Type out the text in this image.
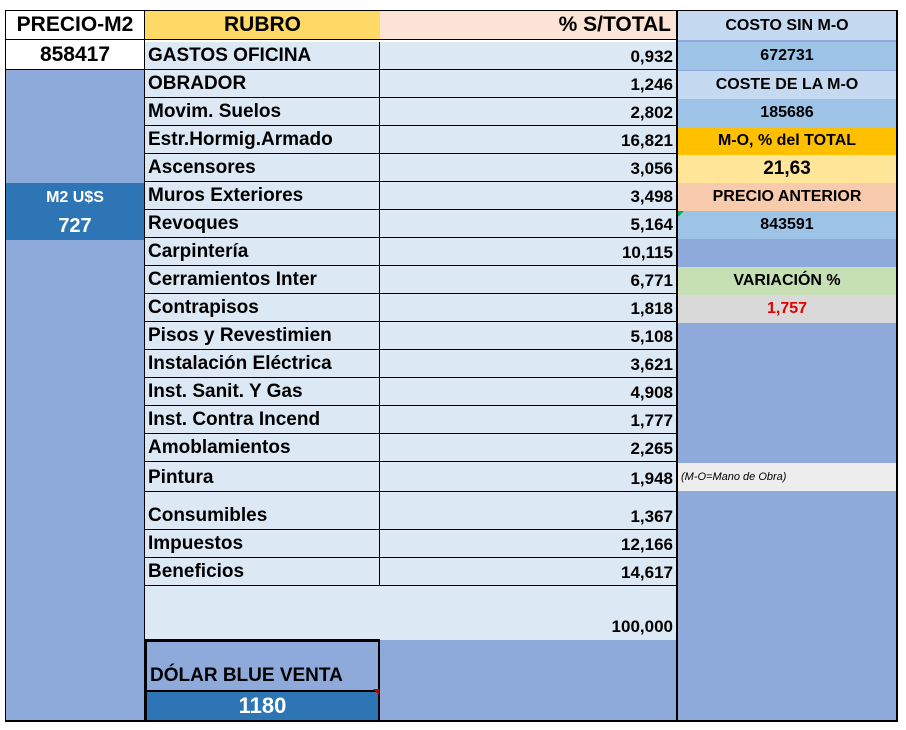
PRECIO-M2
858417
M2 U$S
727
RUBRO	% S/TOTAL
GASTOS OFICINA	0,932
OBRADOR	1,246
Movim. Suelos	2,802
Estr.Hormig.Armado	16,821
Ascensores	3,056
Muros Exteriores	3,498
Revoques	5,164
Carpintería	10,115
Cerramientos Inter	6,771
Contrapisos	1,818
Pisos y Revestimien	5,108
Instalación Eléctrica	3,621
Inst. Sanit. Y Gas	4,908
Inst. Contra Incend	1,777
Amoblamientos	2,265
Pintura	1,948
Consumibles	1,367
Impuestos	12,166
Beneficios	14,617
100,000
DÓLAR BLUE VENTA
1180
COSTO SIN M-O
672731
COSTE DE LA M-O
185686
M-O, % del TOTAL
21,63
PRECIO ANTERIOR
843591
VARIACIÓN %
1,757
(M-O=Mano de Obra)
